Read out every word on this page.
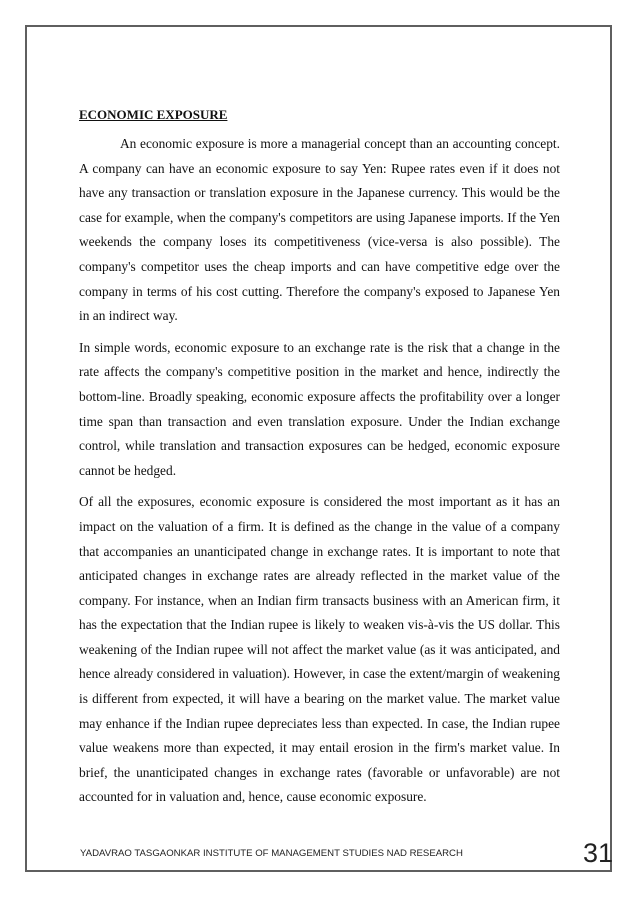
ECONOMIC EXPOSURE

An economic exposure is more a managerial concept than an accounting concept. A company can have an economic exposure to say Yen: Rupee rates even if it does not have any transaction or translation exposure in the Japanese currency. This would be the case for example, when the company's competitors are using Japanese imports. If the Yen weekends the company loses its competitiveness (vice-versa is also possible). The company's competitor uses the cheap imports and can have competitive edge over the company in terms of his cost cutting. Therefore the company's exposed to Japanese Yen in an indirect way.

In simple words, economic exposure to an exchange rate is the risk that a change in the rate affects the company's competitive position in the market and hence, indirectly the bottom-line. Broadly speaking, economic exposure affects the profitability over a longer time span than transaction and even translation exposure. Under the Indian exchange control, while translation and transaction exposures can be hedged, economic exposure cannot be hedged.

Of all the exposures, economic exposure is considered the most important as it has an impact on the valuation of a firm. It is defined as the change in the value of a company that accompanies an unanticipated change in exchange rates. It is important to note that anticipated changes in exchange rates are already reflected in the market value of the company. For instance, when an Indian firm transacts business with an American firm, it has the expectation that the Indian rupee is likely to weaken vis-à-vis the US dollar. This weakening of the Indian rupee will not affect the market value (as it was anticipated, and hence already considered in valuation). However, in case the extent/margin of weakening is different from expected, it will have a bearing on the market value. The market value may enhance if the Indian rupee depreciates less than expected. In case, the Indian rupee value weakens more than expected, it may entail erosion in the firm's market value. In brief, the unanticipated changes in exchange rates (favorable or unfavorable) are not accounted for in valuation and, hence, cause economic exposure.

YADAVRAO TASGAONKAR INSTITUTE OF MANAGEMENT STUDIES NAD RESEARCH	31
